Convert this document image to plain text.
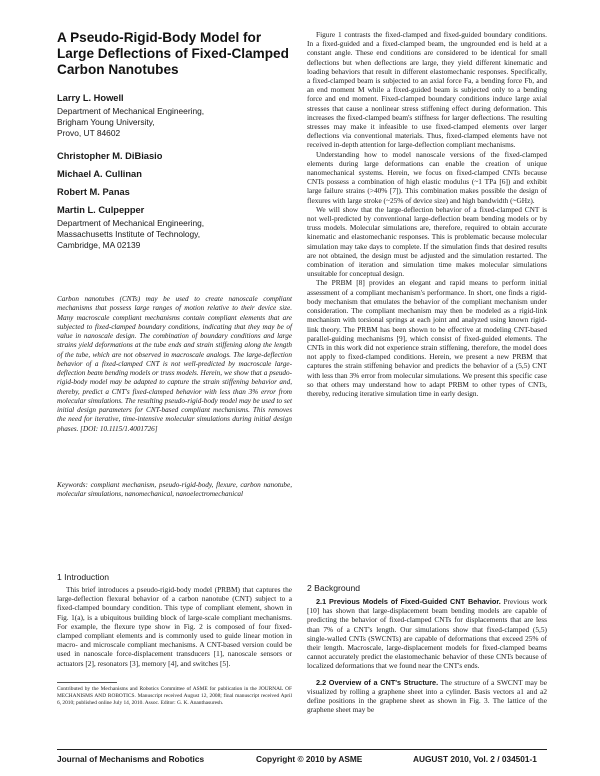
A Pseudo-Rigid-Body Model for Large Deflections of Fixed-Clamped Carbon Nanotubes

Larry L. Howell

Department of Mechanical Engineering,
Brigham Young University,
Provo, UT 84602

Christopher M. DiBiasio

Michael A. Cullinan

Robert M. Panas

Martin L. Culpepper

Department of Mechanical Engineering,
Massachusetts Institute of Technology,
Cambridge, MA 02139

Carbon nanotubes (CNTs) may be used to create nanoscale compliant mechanisms that possess large ranges of motion relative to their device size. Many macroscale compliant mechanisms contain compliant elements that are subjected to fixed-clamped boundary conditions, indicating that they may be of value in nanoscale design. The combination of boundary conditions and large strains yield deformations at the tube ends and strain stiffening along the length of the tube, which are not observed in macroscale analogs. The large-deflection behavior of a fixed-clamped CNT is not well-predicted by macroscale large-deflection beam bending models or truss models. Herein, we show that a pseudo-rigid-body model may be adapted to capture the strain stiffening behavior and, thereby, predict a CNT's fixed-clamped behavior with less than 3% error from molecular simulations. The resulting pseudo-rigid-body model may be used to set initial design parameters for CNT-based compliant mechanisms. This removes the need for iterative, time-intensive molecular simulations during initial design phases. [DOI: 10.1115/1.4001726]

Keywords: compliant mechanism, pseudo-rigid-body, flexure, carbon nanotube, molecular simulations, nanomechanical, nanoelectromechanical

1 Introduction

This brief introduces a pseudo-rigid-body model (PRBM) that captures the large-deflection flexural behavior of a carbon nanotube (CNT) subject to a fixed-clamped boundary condition. This type of compliant element, shown in Fig. 1(a), is a ubiquitous building block of large-scale compliant mechanisms. For example, the flexure type show in Fig. 2 is composed of four fixed-clamped compliant elements and is commonly used to guide linear motion in macro- and microscale compliant mechanisms. A CNT-based version could be used in nanoscale force-displacement transducers [1], nanoscale sensors or actuators [2], resonators [3], memory [4], and switches [5].

Contributed by the Mechanisms and Robotics Committee of ASME for publication in the JOURNAL OF MECHANISMS AND ROBOTICS. Manuscript received August 12, 2008; final manuscript received April 6, 2010; published online July 14, 2010. Assoc. Editor: G. K. Ananthasuresh.

Figure 1 contrasts the fixed-clamped and fixed-guided boundary conditions. In a fixed-guided and a fixed-clamped beam, the ungrounded end is held at a constant angle. These end conditions are considered to be identical for small deflections but when deflections are large, they yield different kinematic and loading behaviors that result in different elastomechanic responses. Specifically, a fixed-clamped beam is subjected to an axial force Fa, a bending force Fb, and an end moment M while a fixed-guided beam is subjected only to a bending force and end moment. Fixed-clamped boundary conditions induce large axial stresses that cause a nonlinear stress stiffening effect during deformation. This increases the fixed-clamped beam's stiffness for larger deflections. The resulting stresses may make it infeasible to use fixed-clamped elements over larger deflections via conventional materials. Thus, fixed-clamped elements have not received in-depth attention for large-deflection compliant mechanisms.

Understanding how to model nanoscale versions of the fixed-clamped elements during large deformations can enable the creation of unique nanomechanical systems. Herein, we focus on fixed-clamped CNTs because CNTs possess a combination of high elastic modulus (~1 TPa [6]) and exhibit large failure strains (>40% [7]). This combination makes possible the design of flexures with large stroke (~25% of device size) and high bandwidth (~GHz).

We will show that the large-deflection behavior of a fixed-clamped CNT is not well-predicted by conventional large-deflection beam bending models or by truss models. Molecular simulations are, therefore, required to obtain accurate kinematic and elastomechanic responses. This is problematic because molecular simulation may take days to complete. If the simulation finds that desired results are not obtained, the design must be adjusted and the simulation restarted. The combination of iteration and simulation time makes molecular simulations unsuitable for conceptual design.

The PRBM [8] provides an elegant and rapid means to perform initial assessment of a compliant mechanism's performance. In short, one finds a rigid-body mechanism that emulates the behavior of the compliant mechanism under consideration. The compliant mechanism may then be modeled as a rigid-link mechanism with torsional springs at each joint and analyzed using known rigid-link theory. The PRBM has been shown to be effective at modeling CNT-based parallel-guiding mechanisms [9], which consist of fixed-guided elements. The CNTs in this work did not experience strain stiffening, therefore, the model does not apply to fixed-clamped conditions. Herein, we present a new PRBM that captures the strain stiffening behavior and predicts the behavior of a (5,5) CNT with less than 3% error from molecular simulations. We present this specific case so that others may understand how to adapt PRBM to other types of CNTs, thereby, reducing iterative simulation time in early design.

2 Background

2.1 Previous Models of Fixed-Guided CNT Behavior. Previous work [10] has shown that large-displacement beam bending models are capable of predicting the behavior of fixed-clamped CNTs for displacements that are less than 7% of a CNT's length. Our simulations show that fixed-clamped (5,5) single-walled CNTs (SWCNTs) are capable of deformations that exceed 25% of their length. Macroscale, large-displacement models for fixed-clamped beams cannot accurately predict the elastomechanic behavior of these CNTs because of localized deformations that we found near the CNT's ends.

2.2 Overview of a CNT's Structure. The structure of a SWCNT may be visualized by rolling a graphene sheet into a cylinder. Basis vectors a1 and a2 define positions in the graphene sheet as shown in Fig. 3. The lattice of the graphene sheet may be

Journal of Mechanisms and Robotics	Copyright © 2010 by ASME	AUGUST 2010, Vol. 2 / 034501-1
